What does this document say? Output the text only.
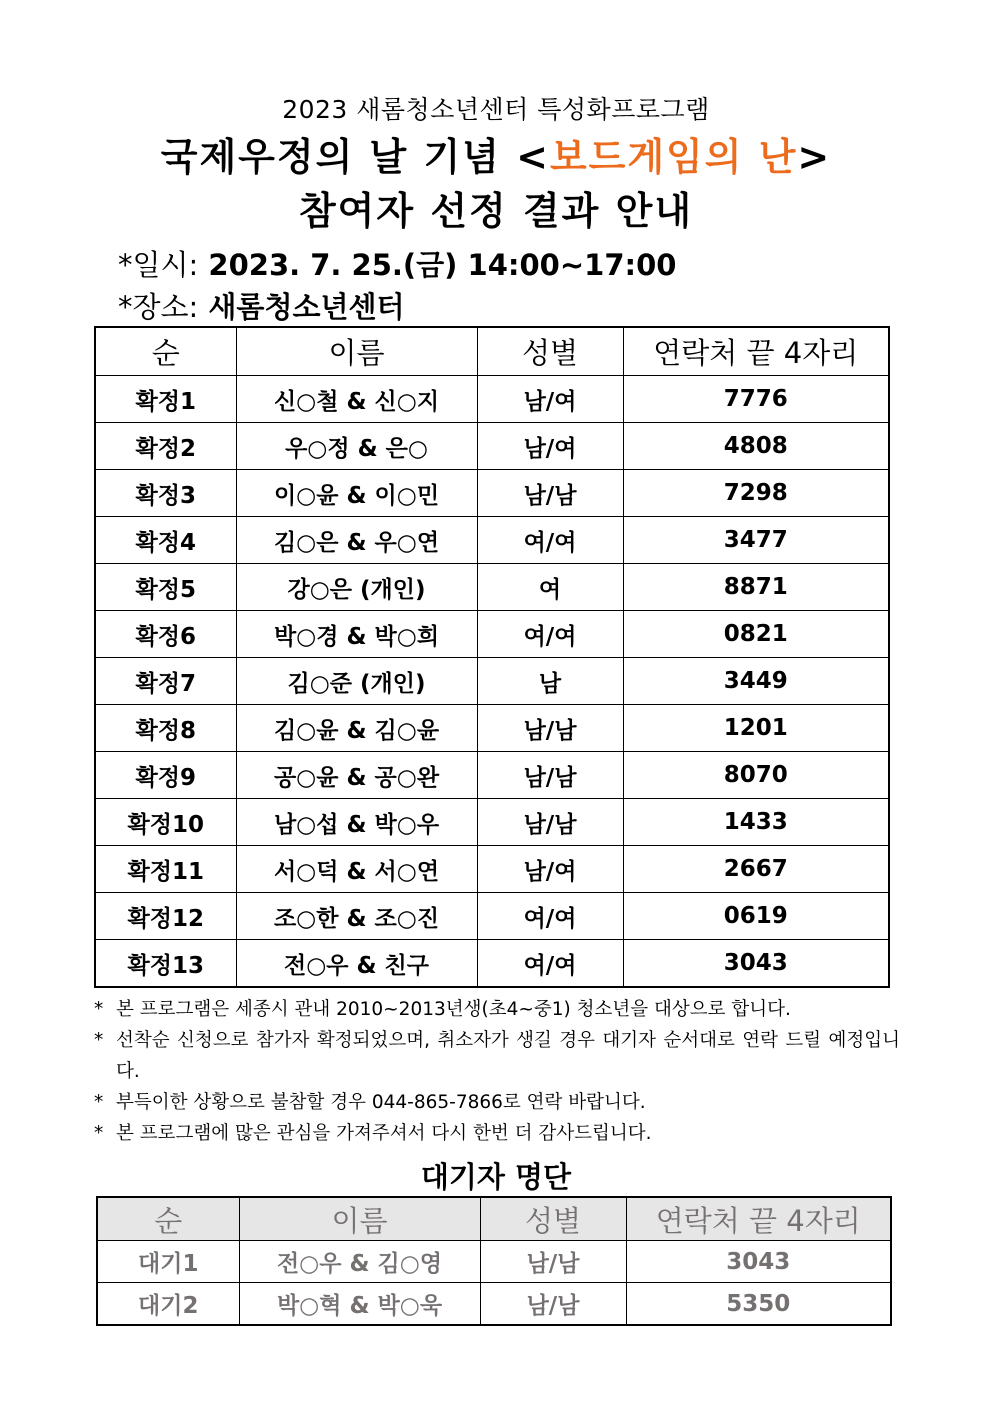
2023 새롬청소년센터 특성화프로그램
국제우정의 날 기념 <보드게임의 난>
참여자 선정 결과 안내
*일시: 2023. 7. 25.(금) 14:00~17:00
*장소: 새롬청소년센터
순	이름	성별	연락처 끝 4자리
확정1	신○철 & 신○지	남/여	7776
확정2	우○정 & 은○	남/여	4808
확정3	이○윤 & 이○민	남/남	7298
확정4	김○은 & 우○연	여/여	3477
확정5	강○은 (개인)	여	8871
확정6	박○경 & 박○희	여/여	0821
확정7	김○준 (개인)	남	3449
확정8	김○윤 & 김○윤	남/남	1201
확정9	공○윤 & 공○완	남/남	8070
확정10	남○섭 & 박○우	남/남	1433
확정11	서○덕 & 서○연	남/여	2667
확정12	조○한 & 조○진	여/여	0619
확정13	전○우 & 친구	여/여	3043
* 본 프로그램은 세종시 관내 2010~2013년생(초4~중1) 청소년을 대상으로 합니다.
* 선착순 신청으로 참가자 확정되었으며, 취소자가 생길 경우 대기자 순서대로 연락 드릴 예정입니다.
* 부득이한 상황으로 불참할 경우 044-865-7866로 연락 바랍니다.
* 본 프로그램에 많은 관심을 가져주셔서 다시 한번 더 감사드립니다.
대기자 명단
순	이름	성별	연락처 끝 4자리
대기1	전○우 & 김○영	남/남	3043
대기2	박○혁 & 박○욱	남/남	5350
